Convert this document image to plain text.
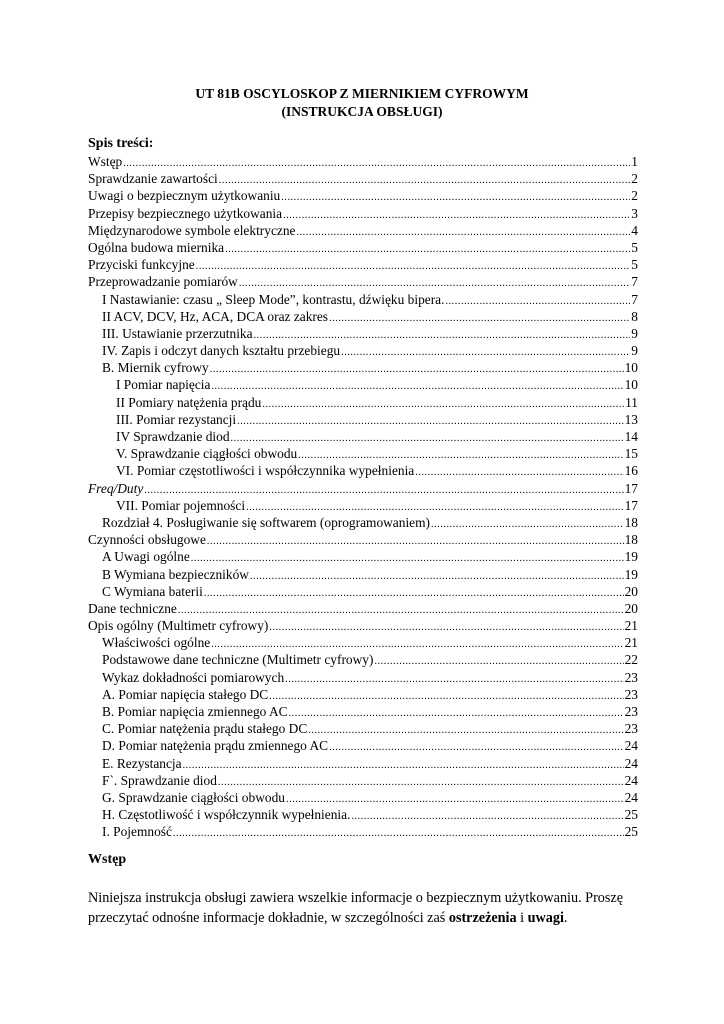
UT 81B OSCYLOSKOP Z MIERNIKIEM CYFROWYM
(INSTRUKCJA OBSŁUGI)
Spis treści:
Wstęp .....	1
Sprawdzanie zawartości .....	2
Uwagi o bezpiecznym użytkowaniu .....	2
Przepisy bezpiecznego użytkowania .....	3
Międzynarodowe symbole elektryczne .....	4
Ogólna budowa miernika .....	5
Przyciski funkcyjne .....	5
Przeprowadzanie pomiarów .....	7
I Nastawianie: czasu „ Sleep Mode”, kontrastu, dźwięku bipera. .....	7
II ACV, DCV, Hz, ACA, DCA oraz zakres .....	8
III. Ustawianie przerzutnika .....	9
IV. Zapis i odczyt danych kształtu przebiegu .....	9
B. Miernik cyfrowy .....	10
I Pomiar napięcia .....	10
II Pomiary natężenia prądu .....	11
III. Pomiar rezystancji .....	13
IV Sprawdzanie diod .....	14
V. Sprawdzanie ciągłości obwodu .....	15
VI. Pomiar częstotliwości i współczynnika wypełnienia .....	16
Freq/Duty .....	17
VII. Pomiar pojemności .....	17
Rozdział 4. Posługiwanie się softwarem (oprogramowaniem) .....	18
Czynności obsługowe .....	18
A Uwagi ogólne .....	19
B Wymiana bezpieczników .....	19
C Wymiana baterii .....	20
Dane techniczne .....	20
Opis ogólny (Multimetr cyfrowy) .....	21
Właściwości ogólne .....	21
Podstawowe dane techniczne (Multimetr cyfrowy) .....	22
Wykaz dokładności pomiarowych .....	23
A. Pomiar napięcia stałego DC .....	23
B. Pomiar napięcia zmiennego AC .....	23
C. Pomiar natężenia prądu stałego DC .....	23
D. Pomiar natężenia prądu zmiennego AC .....	24
E. Rezystancja .....	24
F`. Sprawdzanie diod .....	24
G. Sprawdzanie ciągłości obwodu .....	24
H. Częstotliwość i współczynnik wypełnienia. .....	25
I. Pojemność .....	25
Wstęp
Niniejsza instrukcja obsługi zawiera wszelkie informacje o bezpiecznym użytkowaniu. Proszę przeczytać odnośne informacje dokładnie, w szczególności zaś ostrzeżenia i uwagi.
